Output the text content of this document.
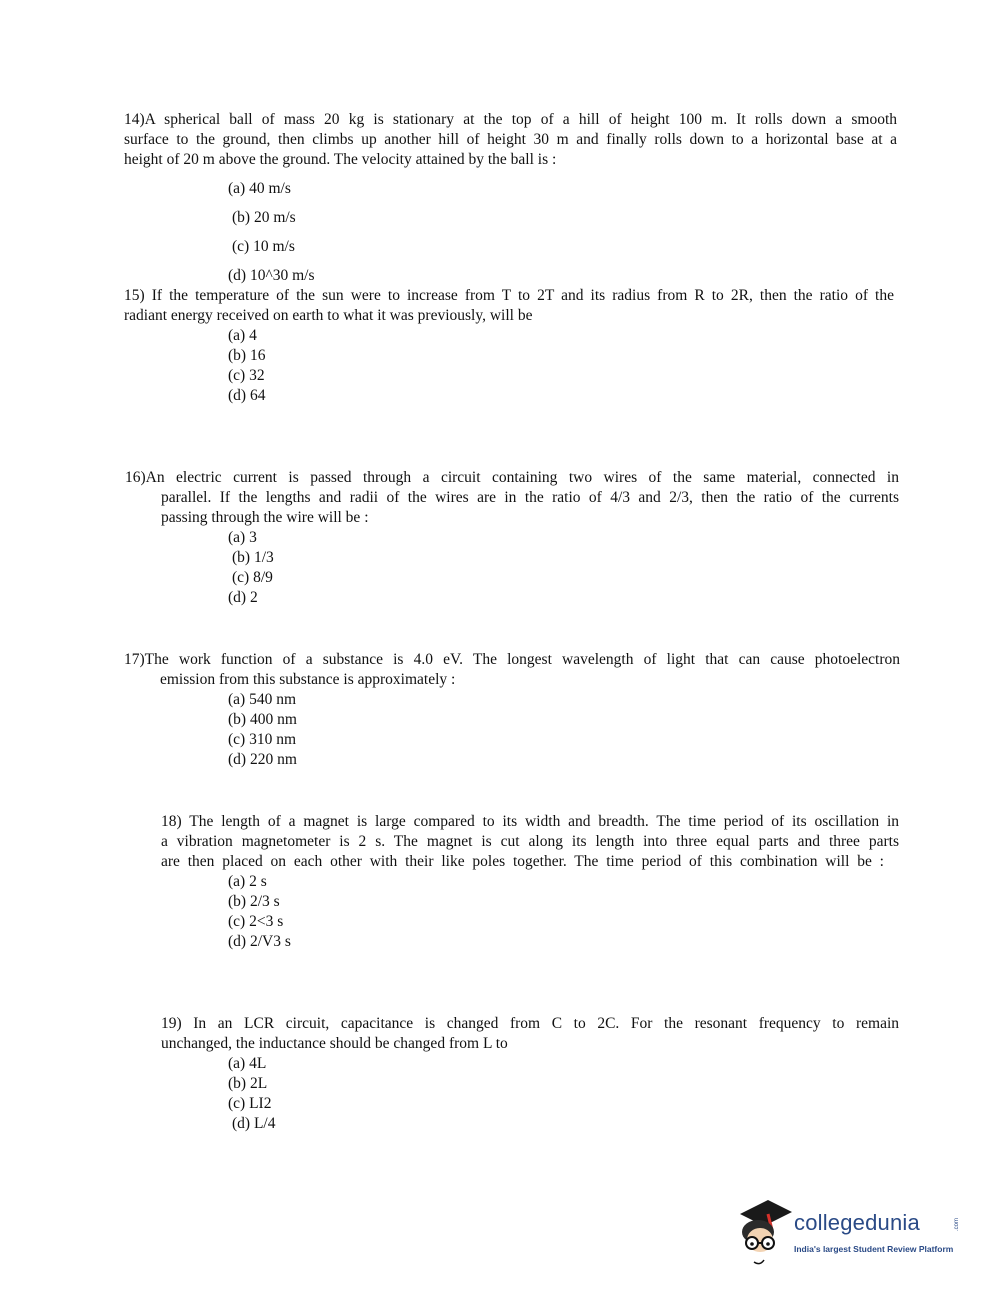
14)A spherical ball of mass 20 kg is stationary at the top of a hill of height 100 m. It rolls down a smooth
surface to the ground, then climbs up another hill of height 30 m and finally rolls down to a horizontal base at a
height of 20 m above the ground. The velocity attained by the ball is :
(a) 40 m/s
(b) 20 m/s
(c) 10 m/s
(d) 10^30 m/s
15) If the temperature of the sun were to increase from T to 2T and its radius from R to 2R, then the ratio of the
radiant energy received on earth to what it was previously, will be
(a) 4
(b) 16
(c) 32
(d) 64
16)An electric current is passed through a circuit containing two wires of the same material, connected in
parallel. If the lengths and radii of the wires are in the ratio of 4/3 and 2/3, then the ratio of the currents
passing through the wire will be :
(a) 3
(b) 1/3
(c) 8/9
(d) 2
17)The work function of a substance is 4.0 eV. The longest wavelength of light that can cause photoelectron
emission from this substance is approximately :
(a) 540 nm
(b) 400 nm
(c) 310 nm
(d) 220 nm
18) The length of a magnet is large compared to its width and breadth. The time period of its oscillation in
a vibration magnetometer is 2 s. The magnet is cut along its length into three equal parts and three parts
are then placed on each other with their like poles together. The time period of this combination will be :
(a) 2 s
(b) 2/3 s
(c) 2<3 s
(d) 2/V3 s
19) In an LCR circuit, capacitance is changed from C to 2C. For the resonant frequency to remain
unchanged, the inductance should be changed from L to
(a) 4L
(b) 2L
(c) LI2
(d) L/4
collegedunia	.com
India's largest Student Review Platform
